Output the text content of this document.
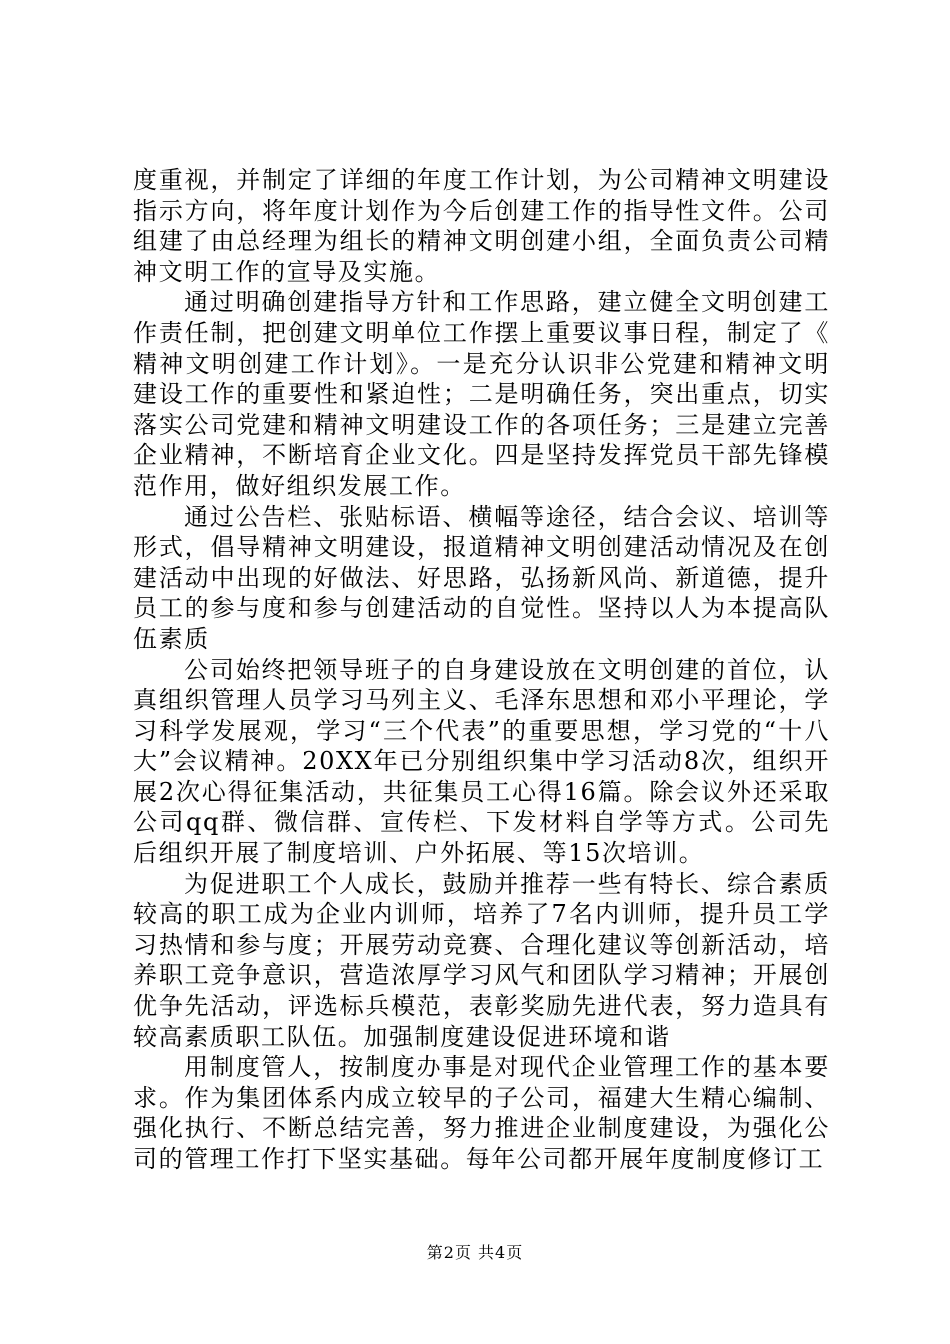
度重视，并制定了详细的年度工作计划，为公司精神文明建设指示方向，将年度计划作为今后创建工作的指导性文件。公司组建了由总经理为组长的精神文明创建小组，全面负责公司精神文明工作的宣导及实施。

通过明确创建指导方针和工作思路，建立健全文明创建工作责任制，把创建文明单位工作摆上重要议事日程，制定了《精神文明创建工作计划》。一是充分认识非公党建和精神文明建设工作的重要性和紧迫性；二是明确任务，突出重点，切实落实公司党建和精神文明建设工作的各项任务；三是建立完善企业精神，不断培育企业文化。四是坚持发挥党员干部先锋模范作用，做好组织发展工作。

通过公告栏、张贴标语、横幅等途径，结合会议、培训等形式，倡导精神文明建设，报道精神文明创建活动情况及在创建活动中出现的好做法、好思路，弘扬新风尚、新道德，提升员工的参与度和参与创建活动的自觉性。坚持以人为本提高队伍素质

公司始终把领导班子的自身建设放在文明创建的首位，认真组织管理人员学习马列主义、毛泽东思想和邓小平理论，学习科学发展观，学习“三个代表”的重要思想，学习党的“十八大”会议精神。20XX年已分别组织集中学习活动8次，组织开展2次心得征集活动，共征集员工心得16篇。除会议外还采取公司qq群、微信群、宣传栏、下发材料自学等方式。公司先后组织开展了制度培训、户外拓展、等15次培训。

为促进职工个人成长，鼓励并推荐一些有特长、综合素质较高的职工成为企业内训师，培养了7名内训师，提升员工学习热情和参与度；开展劳动竞赛、合理化建议等创新活动，培养职工竞争意识，营造浓厚学习风气和团队学习精神；开展创优争先活动，评选标兵模范，表彰奖励先进代表，努力造具有较高素质职工队伍。加强制度建设促进环境和谐

用制度管人，按制度办事是对现代企业管理工作的基本要求。作为集团体系内成立较早的子公司，福建大生精心编制、强化执行、不断总结完善，努力推进企业制度建设，为强化公司的管理工作打下坚实基础。每年公司都开展年度制度修订工

第2页 共4页
